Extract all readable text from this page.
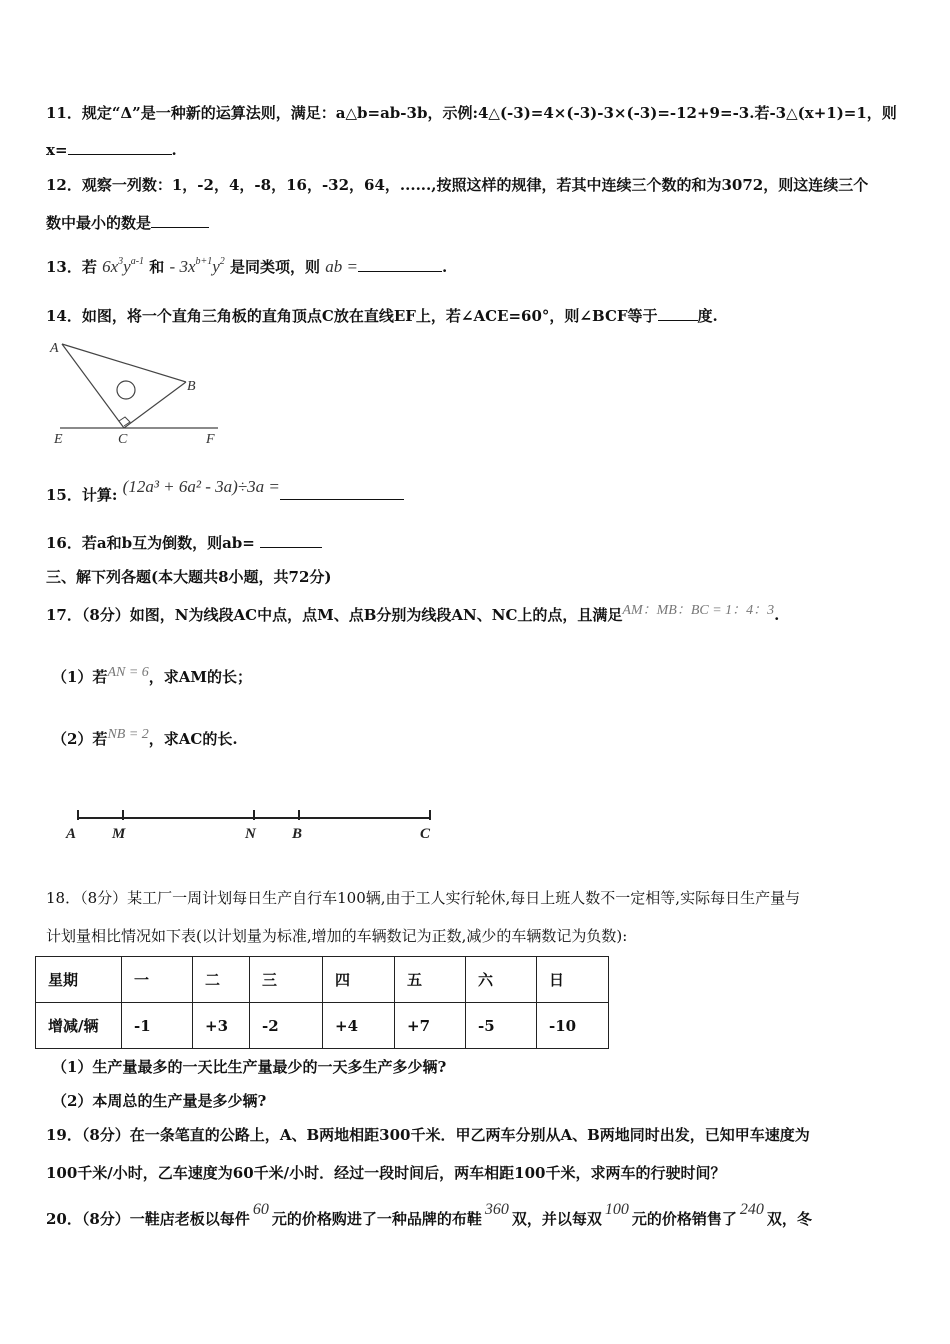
11．规定“Δ”是一种新的运算法则，满足：a△b=ab-3b，示例:4△(-3)=4×(-3)-3×(-3)=-12+9=-3.若-3△(x+1)=1，则
x=	.
12．观察一列数：1，-2，4，-8，16，-32，64，......,按照这样的规律，若其中连续三个数的和为3072，则这连续三个
数中最小的数是
13．若 $6x^3y^{a-1}$ 和 - $3x^{b+1}y^2$ 是同类项，则 ab =	.
14．如图，将一个直角三角板的直角顶点C放在直线EF上，若∠ACE=60°，则∠BCF等于	度.
A
B
C
E	F
15．计算: (12a³ + 6a² - 3a)÷3a =
16．若a和b互为倒数，则ab=
三、解下列各题(本大题共8小题，共72分)
17．（8分）如图，N为线段AC中点，点M、点B分别为线段AN、NC上的点，且满足AM：MB：BC = 1：4：3.
（1）若AN = 6，求AM的长；
（2）若NB = 2，求AC的长.
A M	N B	C
18．（8分）某工厂一周计划每日生产自行车100辆,由于工人实行轮休,每日上班人数不一定相等,实际每日生产量与
计划量相比情况如下表(以计划量为标准,增加的车辆数记为正数,减少的车辆数记为负数):
星期	一	二	三	四	五	六	日
增减/辆	-1	+3	-2	+4	+7	-5	-10
（1）生产量最多的一天比生产量最少的一天多生产多少辆?
（2）本周总的生产量是多少辆?
19．（8分）在一条笔直的公路上，A、B两地相距300千米．甲乙两车分别从A、B两地同时出发，已知甲车速度为
100千米/小时，乙车速度为60千米/小时．经过一段时间后，两车相距100千米，求两车的行驶时间？
20．（8分）一鞋店老板以每件60元的价格购进了一种品牌的布鞋360双，并以每双100元的价格销售了240双，冬
